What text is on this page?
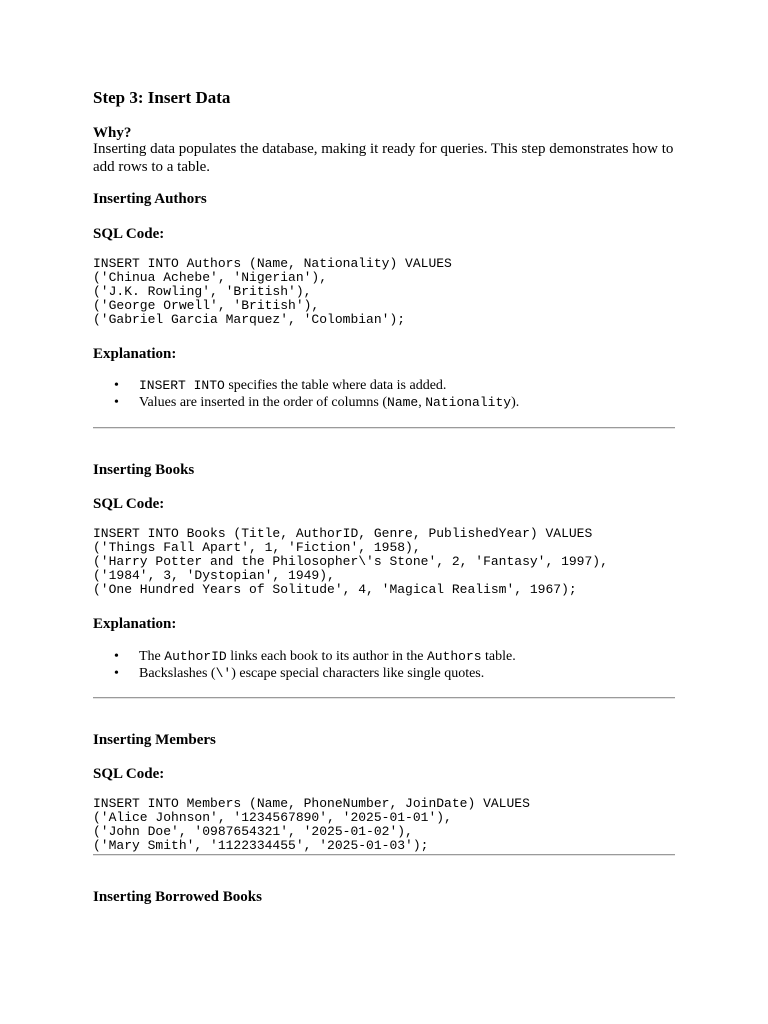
Step 3: Insert Data
Why?
Inserting data populates the database, making it ready for queries. This step demonstrates how to add rows to a table.
Inserting Authors
SQL Code:
INSERT INTO Authors (Name, Nationality) VALUES
('Chinua Achebe', 'Nigerian'),
('J.K. Rowling', 'British'),
('George Orwell', 'British'),
('Gabriel Garcia Marquez', 'Colombian');
Explanation:
• INSERT INTO specifies the table where data is added.
• Values are inserted in the order of columns (Name, Nationality).
Inserting Books
SQL Code:
INSERT INTO Books (Title, AuthorID, Genre, PublishedYear) VALUES
('Things Fall Apart', 1, 'Fiction', 1958),
('Harry Potter and the Philosopher\'s Stone', 2, 'Fantasy', 1997),
('1984', 3, 'Dystopian', 1949),
('One Hundred Years of Solitude', 4, 'Magical Realism', 1967);
Explanation:
• The AuthorID links each book to its author in the Authors table.
• Backslashes (\') escape special characters like single quotes.
Inserting Members
SQL Code:
INSERT INTO Members (Name, PhoneNumber, JoinDate) VALUES
('Alice Johnson', '1234567890', '2025-01-01'),
('John Doe', '0987654321', '2025-01-02'),
('Mary Smith', '1122334455', '2025-01-03');
Inserting Borrowed Books
